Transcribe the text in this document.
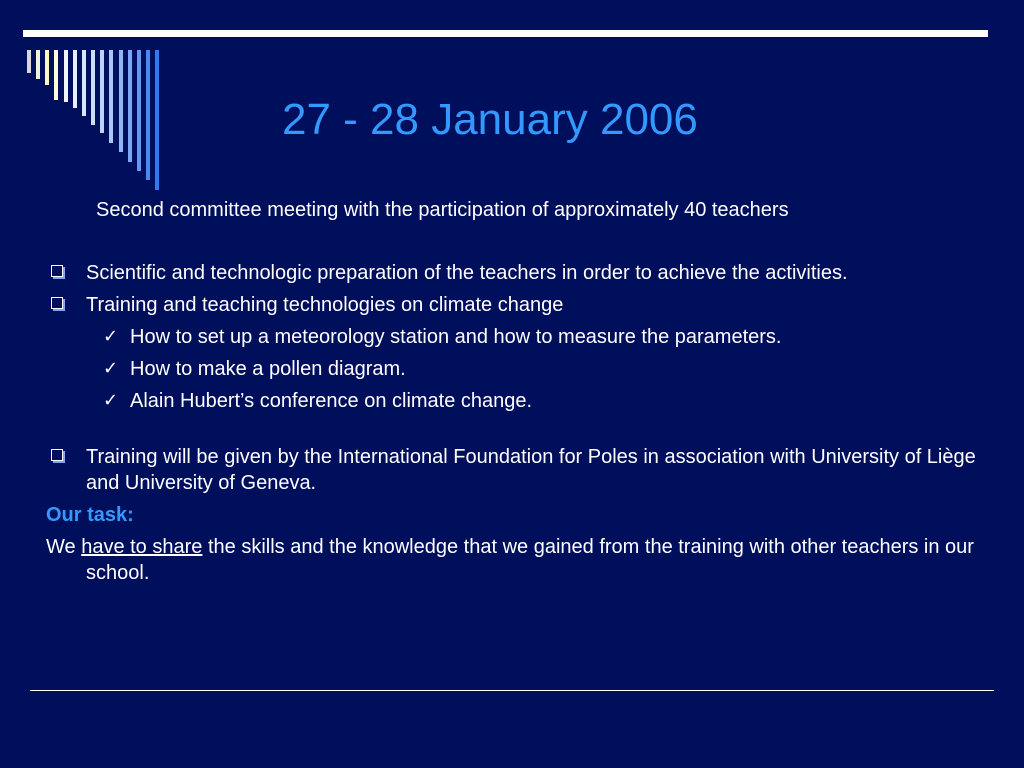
27 - 28 January 2006
Second committee meeting with the participation of approximately 40 teachers
Scientific and technologic preparation of the teachers in order to achieve the activities.
Training and teaching technologies on climate change
✓ How to set up a meteorology station and how to measure the parameters.
✓ How to make a pollen diagram.
✓ Alain Hubert’s conference on climate change.
Training will be given by the International Foundation for Poles in association with University of Liège and University of Geneva.
Our task:
We have to share the skills and the knowledge that we gained from the training with other teachers in our school.
